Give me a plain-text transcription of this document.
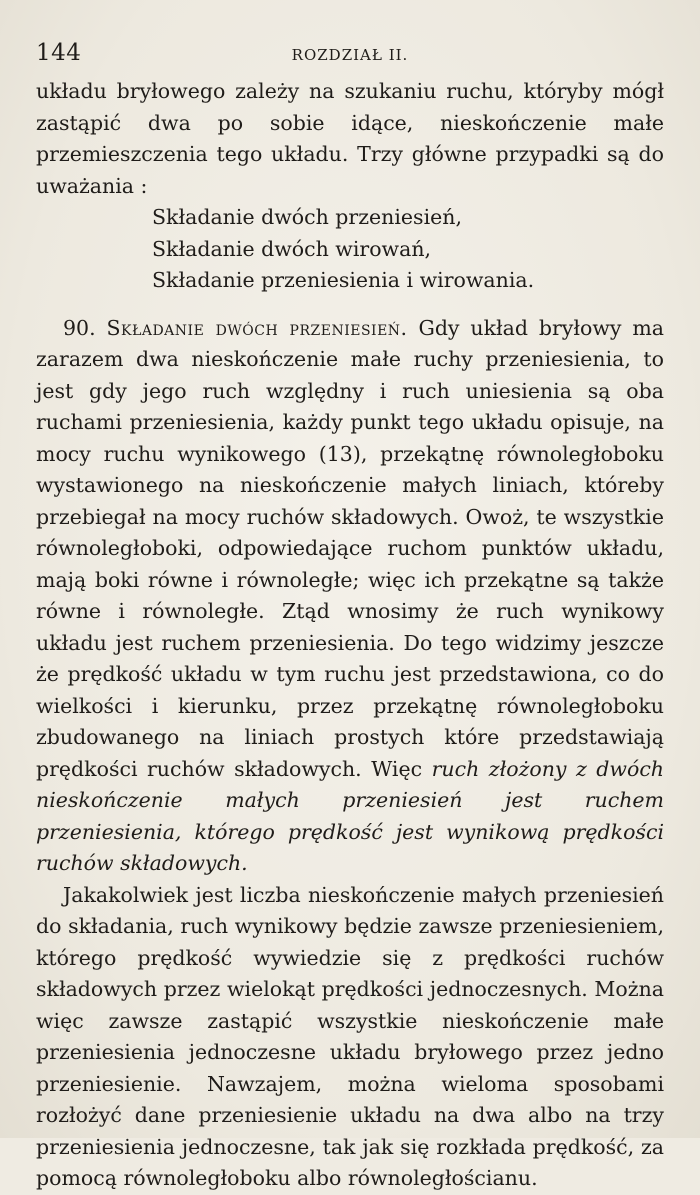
144	ROZDZIAŁ II.

układu bryłowego zależy na szukaniu ruchu, któryby mógł zastąpić dwa po sobie idące, nieskończenie małe przemieszczenia tego układu. Trzy główne przypadki są do uważania :

Składanie dwóch przeniesień,
Składanie dwóch wirowań,
Składanie przeniesienia i wirowania.

90. Składanie dwóch przeniesień. Gdy układ bryłowy ma zarazem dwa nieskończenie małe ruchy przeniesienia, to jest gdy jego ruch względny i ruch uniesienia są oba ruchami przeniesienia, każdy punkt tego układu opisuje, na mocy ruchu wynikowego (13), przekątnę równoległoboku wystawionego na nieskończenie małych liniach, któreby przebiegał na mocy ruchów składowych. Owoż, te wszystkie równoległoboki, odpowiedające ruchom punktów układu, mają boki równe i równoległe; więc ich przekątne są także równe i równoległe. Ztąd wnosimy że ruch wynikowy układu jest ruchem przeniesienia. Do tego widzimy jeszcze że prędkość układu w tym ruchu jest przedstawiona, co do wielkości i kierunku, przez przekątnę równoległoboku zbudowanego na liniach prostych które przedstawiają prędkości ruchów składowych. Więc ruch złożony z dwóch nieskończenie małych przeniesień jest ruchem przeniesienia, którego prędkość jest wynikową prędkości ruchów składowych.

Jakakolwiek jest liczba nieskończenie małych przeniesień do składania, ruch wynikowy będzie zawsze przeniesieniem, którego prędkość wywiedzie się z prędkości ruchów składowych przez wielokąt prędkości jednoczesnych. Można więc zawsze zastąpić wszystkie nieskończenie małe przeniesienia jednoczesne układu bryłowego przez jedno przeniesienie. Nawzajem, można wieloma sposobami rozłożyć dane przeniesienie układu na dwa albo na trzy przeniesienia jednoczesne, tak jak się rozkłada prędkość, za pomocą równoległoboku albo równoległościanu.
